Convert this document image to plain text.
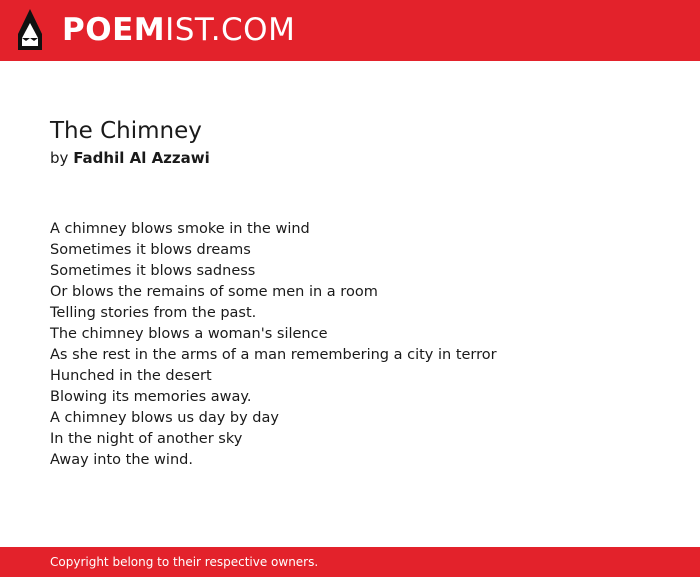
POEMIST.COM
The Chimney
by Fadhil Al Azzawi
A chimney blows smoke in the wind
Sometimes it blows dreams
Sometimes it blows sadness
Or blows the remains of some men in a room
Telling stories from the past.
The chimney blows a woman's silence
As she rest in the arms of a man remembering a city in terror
Hunched in the desert
Blowing its memories away.
A chimney blows us day by day
In the night of another sky
Away into the wind.
Copyright belong to their respective owners.
